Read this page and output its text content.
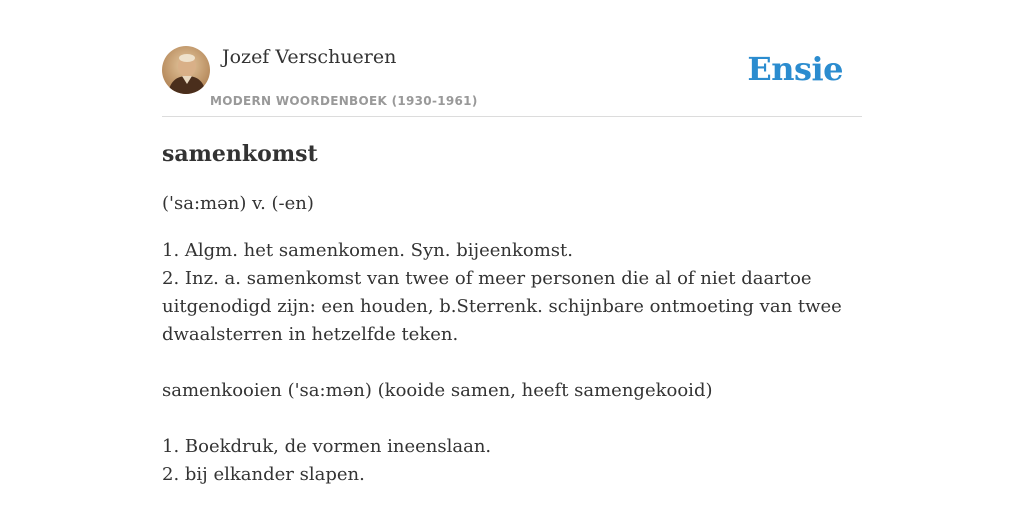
Jozef Verschueren
MODERN WOORDENBOEK (1930-1961)
Ensie
samenkomst
('sa:mən) v. (-en)
1. Algm. het samenkomen. Syn. bijeenkomst.
2. Inz. a. samenkomst van twee of meer personen die al of niet daartoe
uitgenodigd zijn: een houden, b.Sterrenk. schijnbare ontmoeting van twee
dwaalsterren in hetzelfde teken.
samenkooien ('sa:mən) (kooide samen, heeft samengekooid)
1. Boekdruk, de vormen ineenslaan.
2. bij elkander slapen.
